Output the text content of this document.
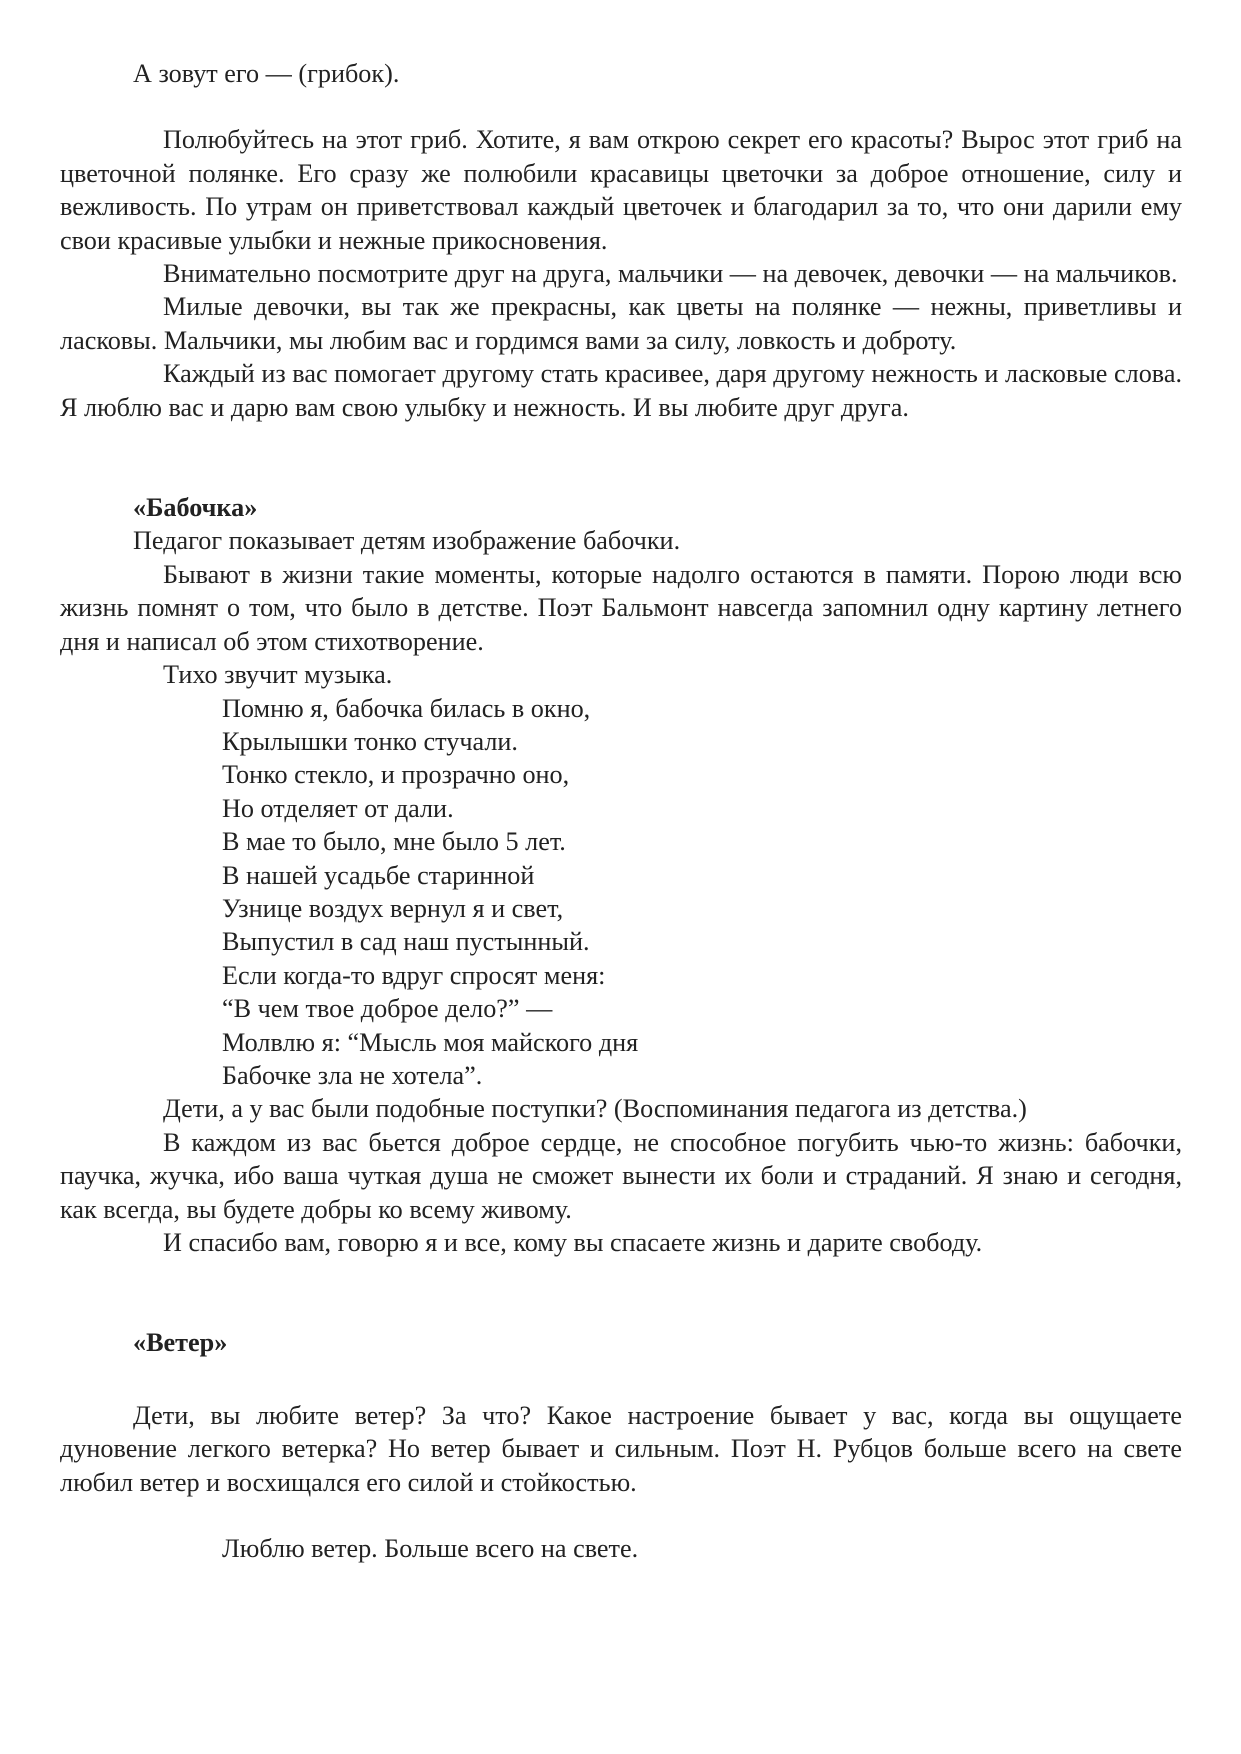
А зовут его — (грибок).

Полюбуйтесь на этот гриб. Хотите, я вам открою секрет его красоты? Вырос этот гриб на цветочной полянке. Его сразу же полюбили красавицы цветочки за доброе отношение, силу и вежливость. По утрам он приветствовал каждый цветочек и благодарил за то, что они дарили ему свои красивые улыбки и нежные прикосновения.

Внимательно посмотрите друг на друга, мальчики — на девочек, девочки — на мальчиков.

Милые девочки, вы так же прекрасны, как цветы на полянке — нежны, приветливы и ласковы. Мальчики, мы любим вас и гордимся вами за силу, ловкость и доброту.

Каждый из вас помогает другому стать красивее, даря другому нежность и ласковые слова. Я люблю вас и дарю вам свою улыбку и нежность. И вы любите друг друга.

«Бабочка»
Педагог показывает детям изображение бабочки.

Бывают в жизни такие моменты, которые надолго остаются в памяти. Порою люди всю жизнь помнят о том, что было в детстве. Поэт Бальмонт навсегда запомнил одну картину летнего дня и написал об этом стихотворение.

Тихо звучит музыка.
Помню я, бабочка билась в окно,
Крылышки тонко стучали.
Тонко стекло, и прозрачно оно,
Но отделяет от дали.
В мае то было, мне было 5 лет.
В нашей усадьбе старинной
Узнице воздух вернул я и свет,
Выпустил в сад наш пустынный.
Если когда-то вдруг спросят меня:
“В чем твое доброе дело?” —
Молвлю я: “Мысль моя майского дня
Бабочке зла не хотела”.

Дети, а у вас были подобные поступки? (Воспоминания педагога из детства.)

В каждом из вас бьется доброе сердце, не способное погубить чью-то жизнь: бабочки, паучка, жучка, ибо ваша чуткая душа не сможет вынести их боли и страданий. Я знаю и сегодня, как всегда, вы будете добры ко всему живому.

И спасибо вам, говорю я и все, кому вы спасаете жизнь и дарите свободу.

«Ветер»

Дети, вы любите ветер? За что? Какое настроение бывает у вас, когда вы ощущаете дуновение легкого ветерка? Но ветер бывает и сильным. Поэт Н. Рубцов больше всего на свете любил ветер и восхищался его силой и стойкостью.

Люблю ветер. Больше всего на свете.
